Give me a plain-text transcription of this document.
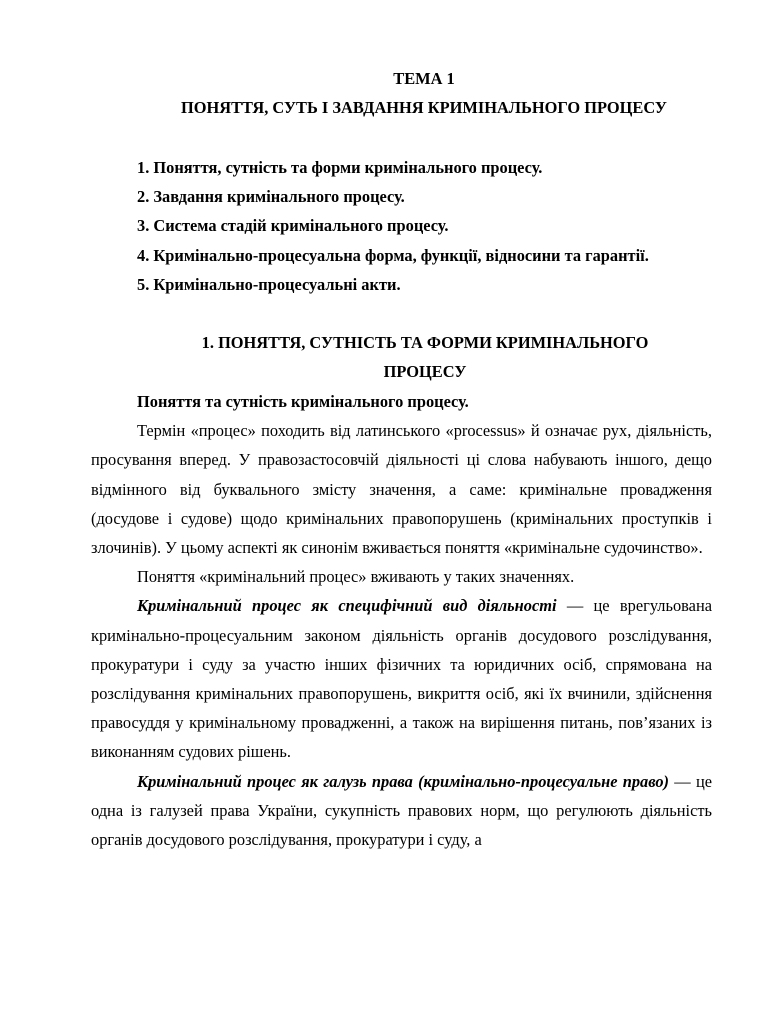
ТЕМА 1
ПОНЯТТЯ, СУТЬ І ЗАВДАННЯ КРИМІНАЛЬНОГО ПРОЦЕСУ
1. Поняття, сутність та форми кримінального процесу.
2. Завдання кримінального процесу.
3. Система стадій кримінального процесу.
4. Кримінально-процесуальна форма, функції, відносини та гарантії.
5. Кримінально-процесуальні акти.
1. ПОНЯТТЯ, СУТНІСТЬ ТА ФОРМИ КРИМІНАЛЬНОГО
ПРОЦЕСУ
Поняття та сутність кримінального процесу.

Термін «процес» походить від латинського «processus» й означає рух, діяльність, просування вперед. У правозастосовчій діяльності ці слова набувають іншого, дещо відмінного від буквального змісту значення, а саме: кримінальне провадження (досудове і судове) щодо кримінальних правопорушень (кримінальних проступків і злочинів). У цьому аспекті як синонім вживається поняття «кримінальне судочинство».

Поняття «кримінальний процес» вживають у таких значеннях.

Кримінальний процес як специфічний вид діяльності — це врегульована кримінально-процесуальним законом діяльність органів досудового розслідування, прокуратури і суду за участю інших фізичних та юридичних осіб, спрямована на розслідування кримінальних правопорушень, викриття осіб, які їх вчинили, здійснення правосуддя у кримінальному провадженні, а також на вирішення питань, пов’язаних із виконанням судових рішень.

Кримінальний процес як галузь права (кримінально-процесуальне право) — це одна із галузей права України, сукупність правових норм, що регулюють діяльність органів досудового розслідування, прокуратури і суду, а
